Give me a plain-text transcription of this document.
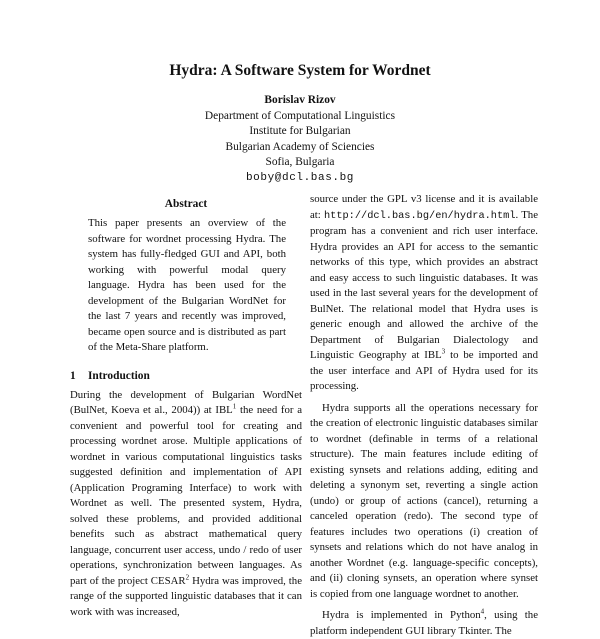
Hydra: A Software System for Wordnet
Borislav Rizov
Department of Computational Linguistics
Institute for Bulgarian
Bulgarian Academy of Sciencies
Sofia, Bulgaria
boby@dcl.bas.bg
Abstract

This paper presents an overview of the software for wordnet processing Hydra. The system has fully-fledged GUI and API, both working with powerful modal query language. Hydra has been used for the development of the Bulgarian WordNet for the last 7 years and recently was improved, became open source and is distributed as part of the Meta-Share platform.

1 Introduction

During the development of Bulgarian WordNet (BulNet, Koeva et al., 2004)) at IBL$^1$ the need for a convenient and powerful tool for creating and processing wordnet arose. Multiple applications of wordnet in various computational linguistics tasks suggested definition and implementation of API (Application Programing Interface) to work with Wordnet as well. The presented system, Hydra, solved these problems, and provided additional benefits such as abstract mathematical query language, concurrent user access, undo / redo of user operations, synchronization between languages. As part of the project CESAR$^2$ Hydra was improved, the range of the supported linguistic databases that it can work with was increased,

source under the GPL v3 license and it is available at: http://dcl.bas.bg/en/hydra.html. The program has a convenient and rich user interface. Hydra provides an API for access to the semantic networks of this type, which provides an abstract and easy access to such linguistic databases. It was used in the last several years for the development of BulNet. The relational model that Hydra uses is generic enough and allowed the archive of the Department of Bulgarian Dialectology and Linguistic Geography at IBL$^3$ to be imported and the user interface and API of Hydra used for its processing.

Hydra supports all the operations necessary for the creation of electronic linguistic databases similar to wordnet (definable in terms of a relational structure). The main features include editing of existing synsets and relations adding, editing and deleting a synonym set, reverting a single action (undo) or group of actions (cancel), returning a canceled operation (redo). The second type of features includes two operations (i) creation of synsets and relations which do not have analog in another Wordnet (e.g. language-specific concepts), and (ii) cloning synsets, an operation where synset is copied from one language wordnet to another.

Hydra is implemented in Python$^4$, using the platform independent GUI library Tkinter. The
